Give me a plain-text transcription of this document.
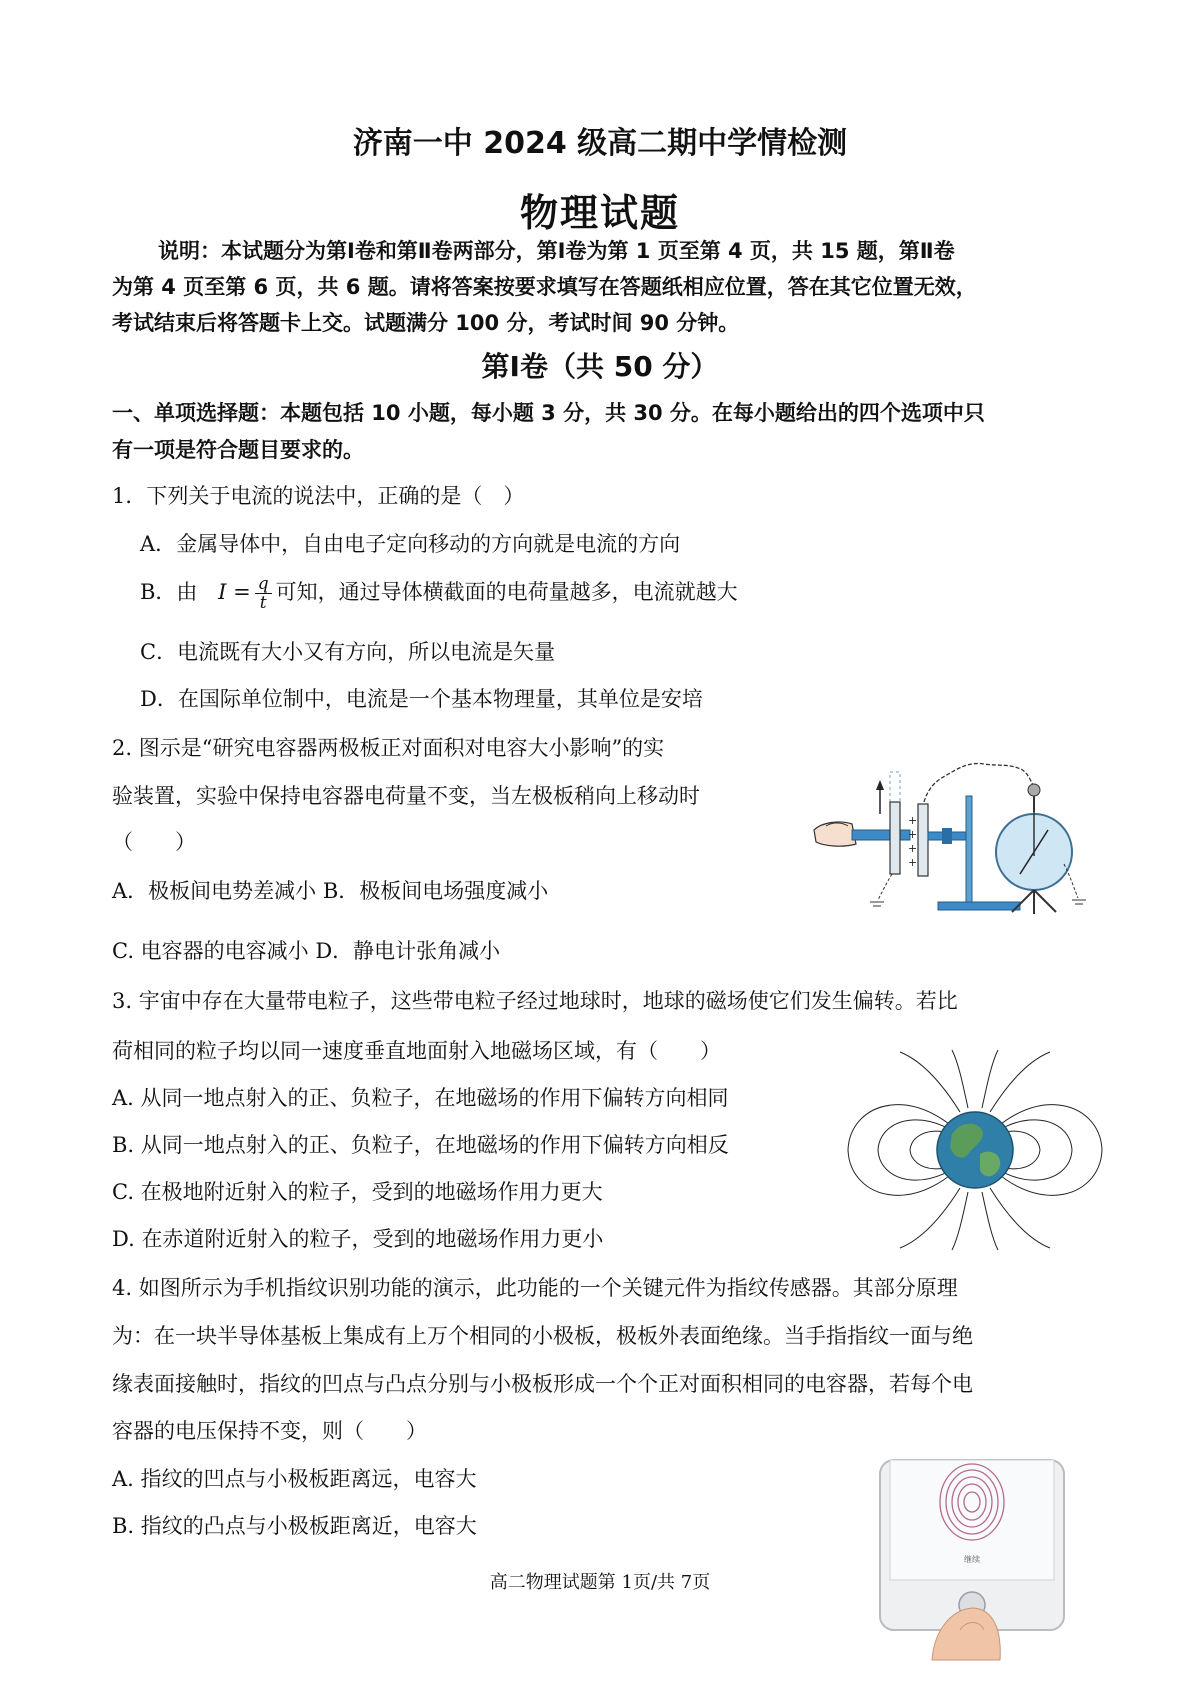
济南一中 2024 级高二期中学情检测
物理试题

说明：本试题分为第Ⅰ卷和第Ⅱ卷两部分，第Ⅰ卷为第 1 页至第 4 页，共 15 题，第Ⅱ卷

为第 4 页至第 6 页，共 6 题。请将答案按要求填写在答题纸相应位置，答在其它位置无效，

考试结束后将答题卡上交。试题满分 100 分，考试时间 90 分钟。

第Ⅰ卷（共 50 分）
一、单项选择题：本题包括 10 小题，每小题 3 分，共 30 分。在每小题给出的四个选项中只
有一项是符合题目要求的。
1．下列关于电流的说法中，正确的是（　）
A．金属导体中，自由电子定向移动的方向就是电流的方向
B．由 $I = \frac{q}{t}$ 可知，通过导体横截面的电荷量越多，电流就越大
C．电流既有大小又有方向，所以电流是矢量
D．在国际单位制中，电流是一个基本物理量，其单位是安培
2. 图示是“研究电容器两极板正对面积对电容大小影响”的实
验装置，实验中保持电容器电荷量不变，当左极板稍向上移动时
（　　）
A．极板间电势差减小 B．极板间电场强度减小
C. 电容器的电容减小 D．静电计张角减小
+
+
+
+
3. 宇宙中存在大量带电粒子，这些带电粒子经过地球时，地球的磁场使它们发生偏转。若比
荷相同的粒子均以同一速度垂直地面射入地磁场区域，有（　　）
A. 从同一地点射入的正、负粒子，在地磁场的作用下偏转方向相同
B. 从同一地点射入的正、负粒子，在地磁场的作用下偏转方向相反
C. 在极地附近射入的粒子，受到的地磁场作用力更大
D. 在赤道附近射入的粒子，受到的地磁场作用力更小
4. 如图所示为手机指纹识别功能的演示，此功能的一个关键元件为指纹传感器。其部分原理
为：在一块半导体基板上集成有上万个相同的小极板，极板外表面绝缘。当手指指纹一面与绝
缘表面接触时，指纹的凹点与凸点分别与小极板形成一个个正对面积相同的电容器，若每个电
容器的电压保持不变，则（　　）
A. 指纹的凹点与小极板距离远，电容大
B. 指纹的凸点与小极板距离近，电容大
继续
高二物理试题第 1页/共 7页
